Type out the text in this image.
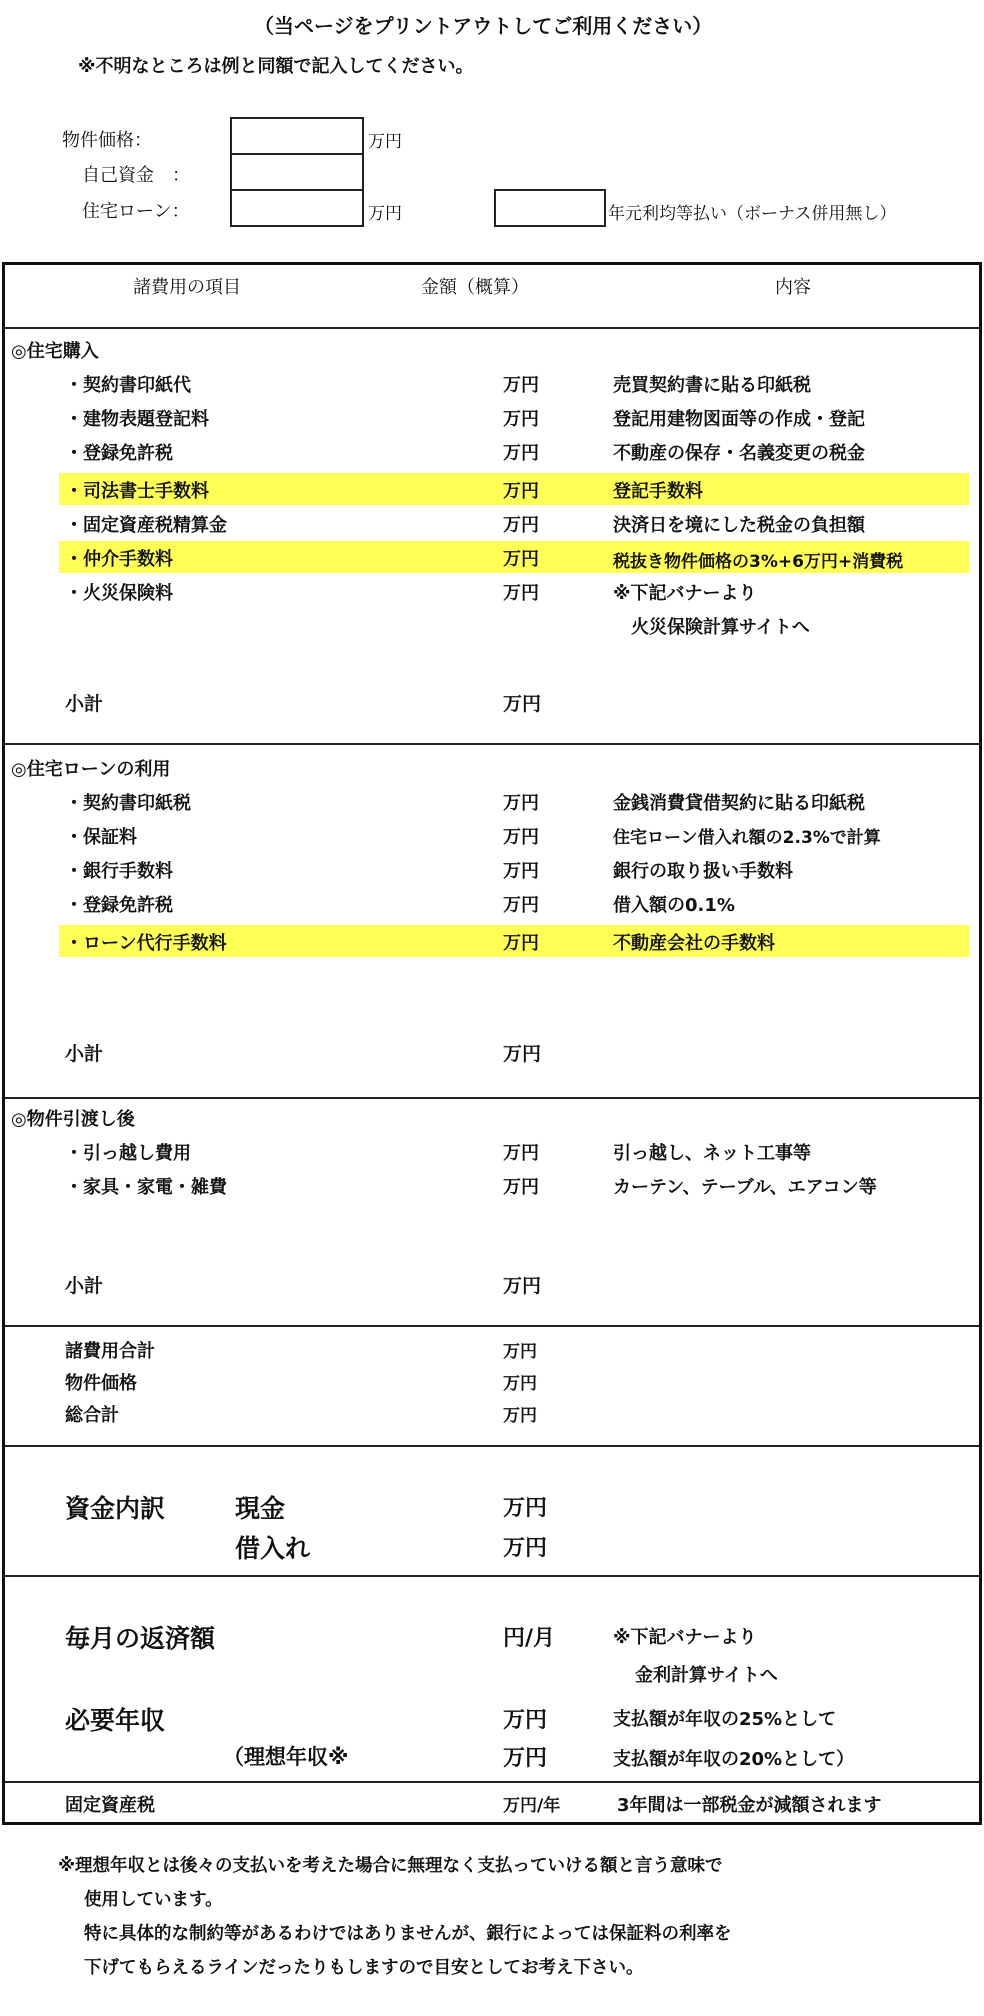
（当ページをプリントアウトしてご利用ください）
※不明なところは例と同額で記入してください。
物件価格：	万円
自己資金　：
住宅ローン：	万円	年元利均等払い（ボーナス併用無し）
諸費用の項目	金額（概算）	内容
◎住宅購入
・契約書印紙代	万円	売買契約書に貼る印紙税
・建物表題登記料	万円	登記用建物図面等の作成・登記
・登録免許税	万円	不動産の保存・名義変更の税金
・司法書士手数料	万円	登記手数料
・固定資産税精算金	万円	決済日を境にした税金の負担額
・仲介手数料	万円	税抜き物件価格の3%+6万円+消費税
・火災保険料	万円	※下記バナーより
火災保険計算サイトへ
小計	万円
◎住宅ローンの利用
・契約書印紙税	万円	金銭消費貸借契約に貼る印紙税
・保証料	万円	住宅ローン借入れ額の2.3%で計算
・銀行手数料	万円	銀行の取り扱い手数料
・登録免許税	万円	借入額の0.1%
・ローン代行手数料	万円	不動産会社の手数料
小計	万円
◎物件引渡し後
・引っ越し費用	万円	引っ越し、ネット工事等
・家具・家電・雑費	万円	カーテン、テーブル、エアコン等
小計	万円
諸費用合計	万円
物件価格	万円
総合計	万円
資金内訳	現金	万円
借入れ	万円
毎月の返済額	円/月	※下記バナーより
金利計算サイトへ
必要年収	万円	支払額が年収の25%として
（理想年収※	万円	支払額が年収の20%として）
固定資産税	万円/年	3年間は一部税金が減額されます
※理想年収とは後々の支払いを考えた場合に無理なく支払っていける額と言う意味で
使用しています。
特に具体的な制約等があるわけではありませんが、銀行によっては保証料の利率を
下げてもらえるラインだったりもしますので目安としてお考え下さい。
